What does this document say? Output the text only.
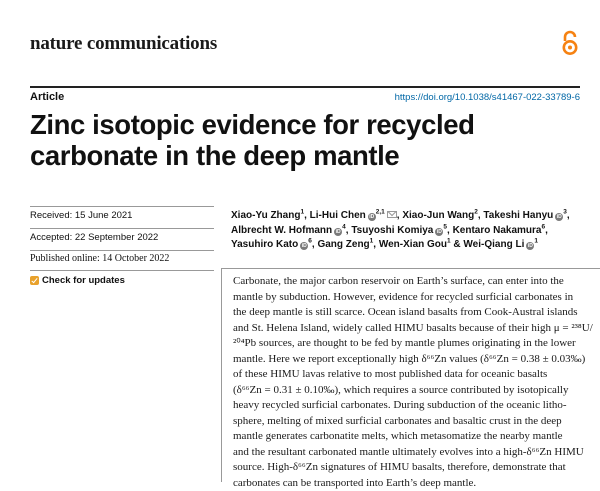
nature communications
Article	https://doi.org/10.1038/s41467-022-33789-6
Zinc isotopic evidence for recycled
carbonate in the deep mantle
Received: 15 June 2021
Accepted: 22 September 2022
Published online: 14 October 2022
Check for updates
Xiao-Yu Zhang$^1$, Li-Hui Chen iD$^{2,1}$ , Xiao-Jun Wang$^2$, Takeshi Hanyu $iD^3$,
Albrecht W. Hofmann $iD^4$, Tsuyoshi Komiya $iD^5$, Kentaro Nakamura$^6$,
Yasuhiro Kato $iD^6$, Gang Zeng$^1$, Wen-Xian Gou$^1$ & Wei-Qiang Li $iD^1$
Carbonate, the major carbon reservoir on Earth’s surface, can enter into the
mantle by subduction. However, evidence for recycled surficial carbonates in
the deep mantle is still scarce. Ocean island basalts from Cook-Austral islands
and St. Helena Island, widely called HIMU basalts because of their high μ = ²³⁸U/
²⁰⁴Pb sources, are thought to be fed by mantle plumes originating in the lower
mantle. Here we report exceptionally high δ⁶⁶Zn values (δ⁶⁶Zn = 0.38 ± 0.03‰)
of these HIMU lavas relative to most published data for oceanic basalts
(δ⁶⁶Zn = 0.31 ± 0.10‰), which requires a source contributed by isotopically
heavy recycled surficial carbonates. During subduction of the oceanic litho-
sphere, melting of mixed surficial carbonates and basaltic crust in the deep
mantle generates carbonatite melts, which metasomatize the nearby mantle
and the resultant carbonated mantle ultimately evolves into a high-δ⁶⁶Zn HIMU
source. High-δ⁶⁶Zn signatures of HIMU basalts, therefore, demonstrate that
carbonates can be transported into Earth’s deep mantle.
